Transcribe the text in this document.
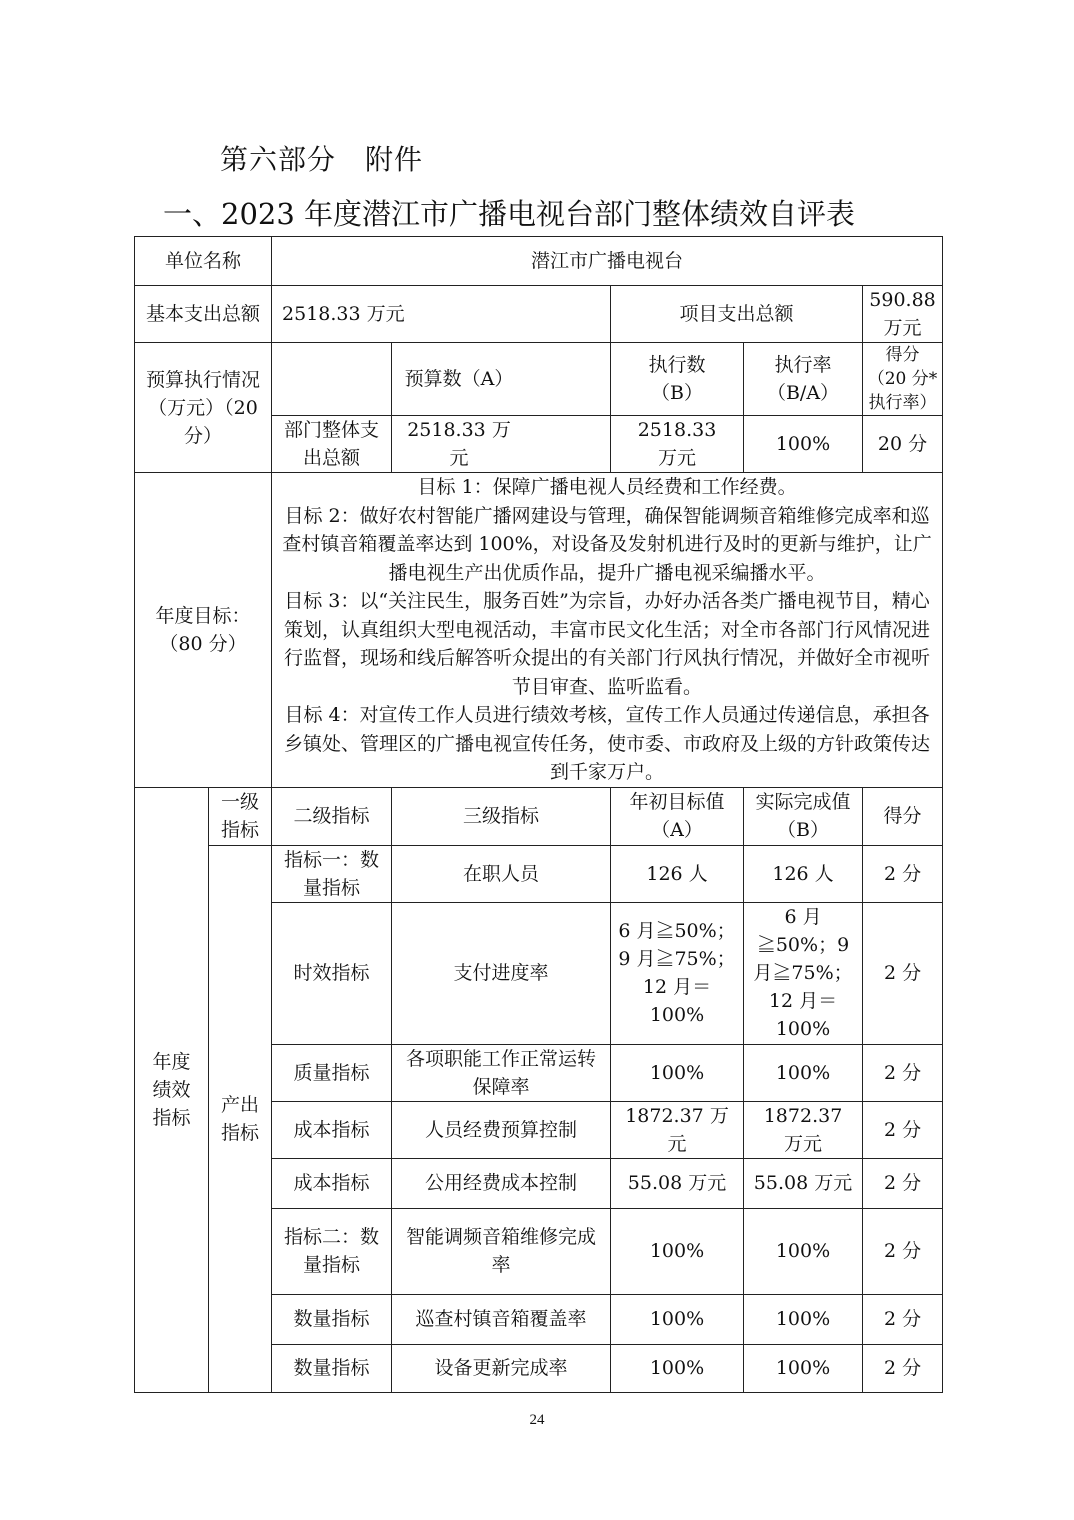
第六部分　附件
一、2023 年度潜江市广播电视台部门整体绩效自评表
单位名称		潜江市广播电视台				
基本支出总额		2518.33 万元		项目支出总额		590.88 万元
预算执行情况（万元）（20 分）			预算数（A）	执行数（B）	执行率（B/A）	得分（20 分*执行率）
		部门整体支出总额	2518.33 万元	2518.33 万元	100%	20 分
年度目标：（80 分）		目标 1：保障广播电视人员经费和工作经费。
目标 2：做好农村智能广播网建设与管理，确保智能调频音箱维修完成率和巡查村镇音箱覆盖率达到 100%，对设备及发射机进行及时的更新与维护，让广播电视生产出优质作品，提升广播电视采编播水平。
目标 3：以“关注民生，服务百姓”为宗旨，办好办活各类广播电视节目，精心策划，认真组织大型电视活动，丰富市民文化生活；对全市各部门行风情况进行监督，现场和线后解答听众提出的有关部门行风执行情况，并做好全市视听节目审查、监听监看。
目标 4：对宣传工作人员进行绩效考核，宣传工作人员通过传递信息，承担各乡镇处、管理区的广播电视宣传任务，使市委、市政府及上级的方针政策传达到千家万户。				

年度绩效指标	一级指标	二级指标	三级指标	年初目标值（A）	实际完成值（B）	得分
	产出指标	指标一：数量指标	在职人员	126 人	126 人	2 分
		时效指标	支付进度率	6 月≧50%；9 月≧75%；12 月＝100%	6 月≧50%；9 月≧75%；12 月＝100%	2 分
		质量指标	各项职能工作正常运转保障率	100%	100%	2 分
		成本指标	人员经费预算控制	1872.37 万元	1872.37 万元	2 分
		成本指标	公用经费成本控制	55.08 万元	55.08 万元	2 分
		指标二：数量指标	智能调频音箱维修完成率	100%	100%	2 分
		数量指标	巡查村镇音箱覆盖率	100%	100%	2 分
		数量指标	设备更新完成率	100%	100%	2 分
24
